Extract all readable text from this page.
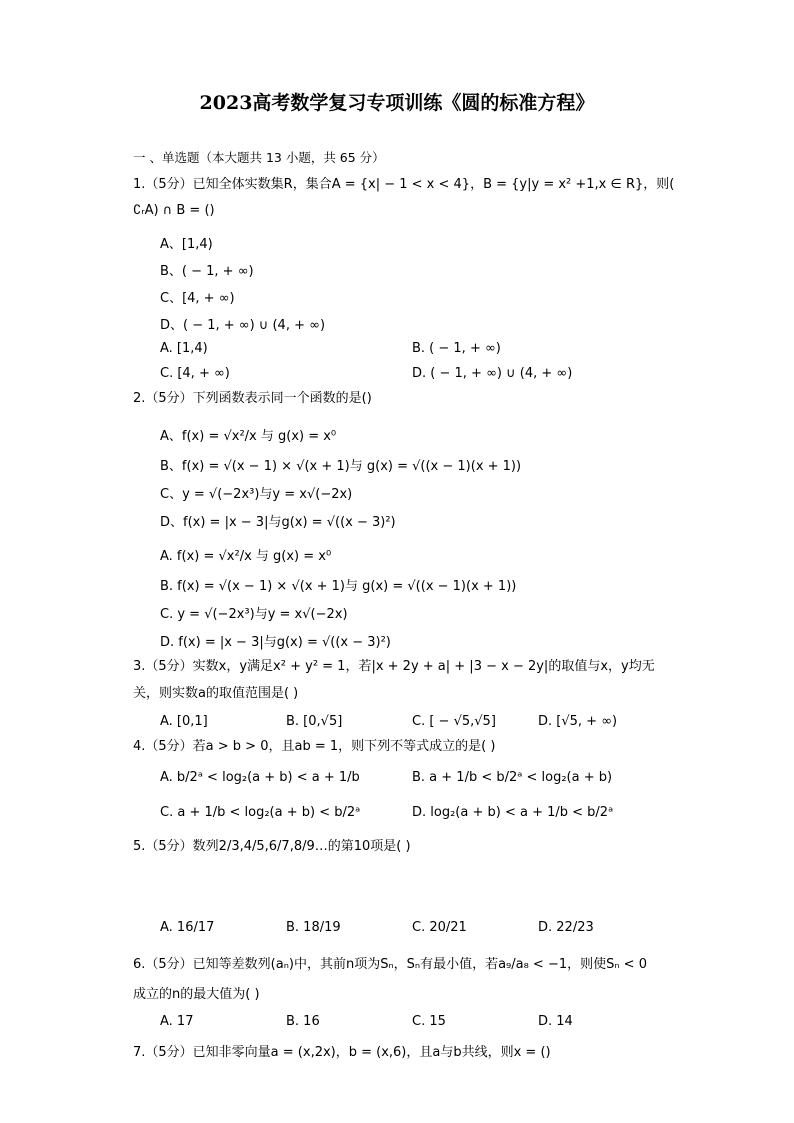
2023高考数学复习专项训练《圆的标准方程》
一 、单选题（本大题共 13 小题，共 65 分）
1.（5分）已知全体实数集R，集合A = {x| − 1 < x < 4}，B = {y|y = x² +1,x ∈ R}，则(
∁ᵣA) ∩ B = ()
A、[1,4)
B、( − 1, + ∞)
C、[4, + ∞)
D、( − 1, + ∞) ∪ (4, + ∞)
A. [1,4)	B. ( − 1, + ∞)
C. [4, + ∞)	D. ( − 1, + ∞) ∪ (4, + ∞)
2.（5分）下列函数表示同一个函数的是()
A、f(x) = √x²/x 与 g(x) = x⁰
B、f(x) = √(x − 1) × √(x + 1)与 g(x) = √((x − 1)(x + 1))
C、y = √(−2x³)与y = x√(−2x)
D、f(x) = |x − 3|与g(x) = √((x − 3)²)
A. f(x) = √x²/x 与 g(x) = x⁰
B. f(x) = √(x − 1) × √(x + 1)与 g(x) = √((x − 1)(x + 1))
C. y = √(−2x³)与y = x√(−2x)
D. f(x) = |x − 3|与g(x) = √((x − 3)²)
3.（5分）实数x，y满足x² + y² = 1，若|x + 2y + a| + |3 − x − 2y|的取值与x，y均无
关，则实数a的取值范围是( )
A. [0,1]	B. [0,√5]	C. [ − √5,√5]	D. [√5, + ∞)
4.（5分）若a > b > 0，且ab = 1，则下列不等式成立的是( )
A. b/2ᵃ < log₂(a + b) < a + 1/b	B. a + 1/b < b/2ᵃ < log₂(a + b)
C. a + 1/b < log₂(a + b) < b/2ᵃ	D. log₂(a + b) < a + 1/b < b/2ᵃ
5.（5分）数列2/3,4/5,6/7,8/9…的第10项是( )
A. 16/17	B. 18/19	C. 20/21	D. 22/23
6.（5分）已知等差数列(aₙ)中，其前n项为Sₙ，Sₙ有最小值，若a₉/a₈ < −1，则使Sₙ < 0
成立的n的最大值为( )
A. 17	B. 16	C. 15	D. 14
7.（5分）已知非零向量a = (x,2x)，b = (x,6)，且a与b共线，则x = ()
